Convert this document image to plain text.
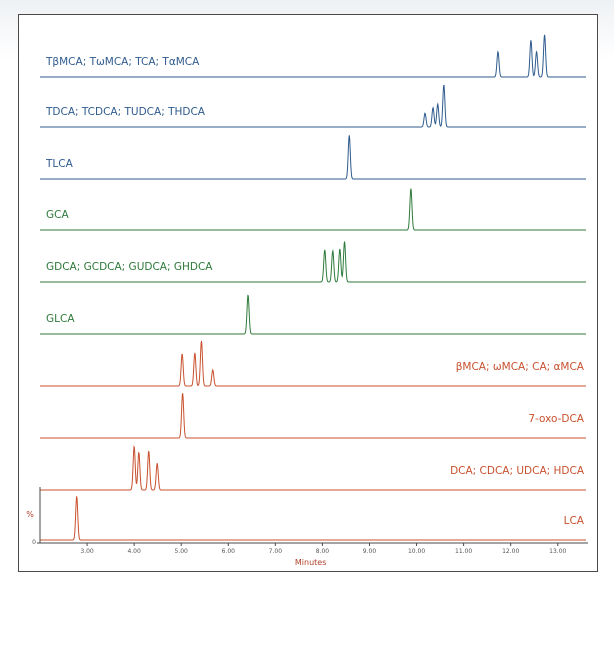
TβMCA; TωMCA; TCA; TαMCA
TDCA; TCDCA; TUDCA; THDCA
TLCA
GCA
GDCA; GCDCA; GUDCA; GHDCA
GLCA
βMCA; ωMCA; CA; αMCA
7-oxo-DCA
DCA; CDCA; UDCA; HDCA
LCA
%
0
Minutes
3.00	4.00	5.00	6.00	7.00	8.00	9.00	10.00	11.00	12.00	13.00
